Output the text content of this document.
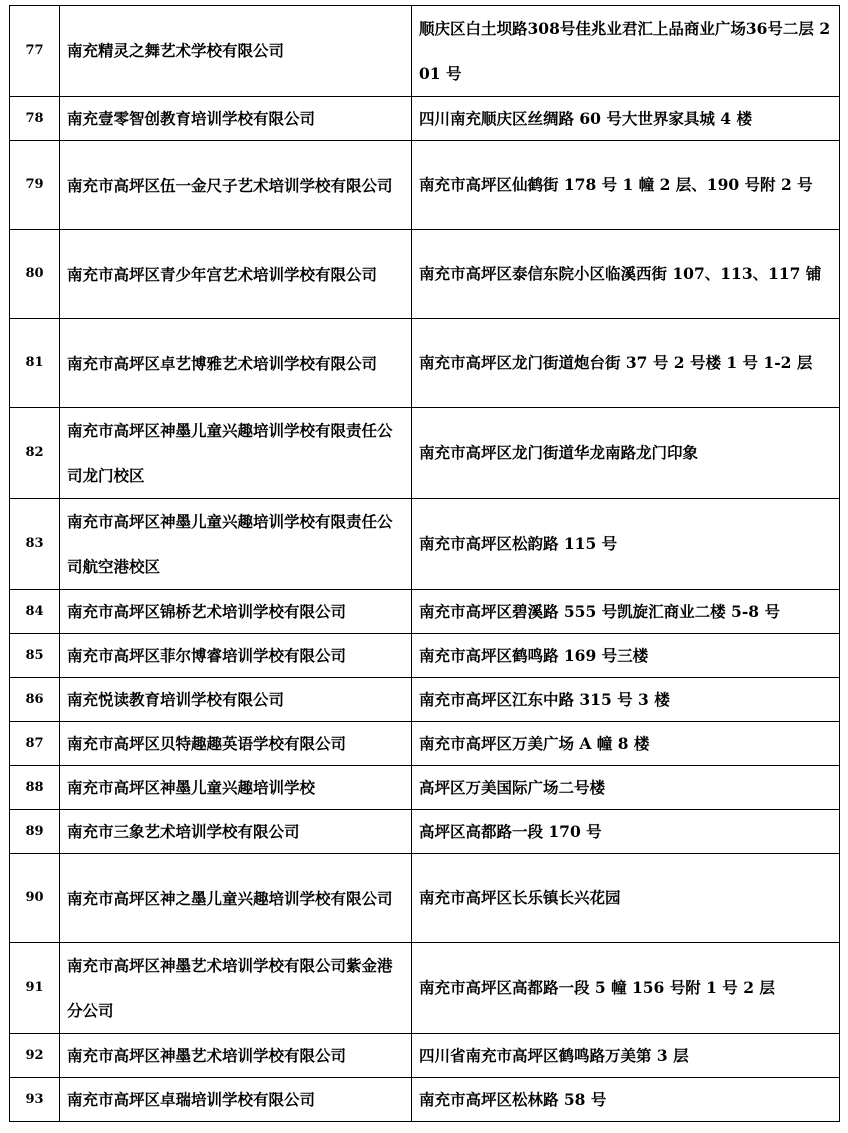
77	南充精灵之舞艺术学校有限公司	顺庆区白土坝路308号佳兆业君汇上品商业广场36号二层 201 号
78	南充壹零智创教育培训学校有限公司	四川南充顺庆区丝绸路 60 号大世界家具城 4 楼
79	南充市高坪区伍一金尺子艺术培训学校有限公司	南充市高坪区仙鹤街 178 号 1 幢 2 层、190 号附 2 号
80	南充市高坪区青少年宫艺术培训学校有限公司	南充市高坪区泰信东院小区临溪西街 107、113、117 铺
81	南充市高坪区卓艺博雅艺术培训学校有限公司	南充市高坪区龙门街道炮台街 37 号 2 号楼 1 号 1-2 层
82	南充市高坪区神墨儿童兴趣培训学校有限责任公司龙门校区	南充市高坪区龙门街道华龙南路龙门印象
83	南充市高坪区神墨儿童兴趣培训学校有限责任公司航空港校区	南充市高坪区松韵路 115 号
84	南充市高坪区锦桥艺术培训学校有限公司	南充市高坪区碧溪路 555 号凯旋汇商业二楼 5-8 号
85	南充市高坪区菲尔博睿培训学校有限公司	南充市高坪区鹤鸣路 169 号三楼
86	南充悦读教育培训学校有限公司	南充市高坪区江东中路 315 号 3 楼
87	南充市高坪区贝特趣趣英语学校有限公司	南充市高坪区万美广场 A 幢 8 楼
88	南充市高坪区神墨儿童兴趣培训学校	高坪区万美国际广场二号楼
89	南充市三象艺术培训学校有限公司	高坪区高都路一段 170 号
90	南充市高坪区神之墨儿童兴趣培训学校有限公司	南充市高坪区长乐镇长兴花园
91	南充市高坪区神墨艺术培训学校有限公司紫金港分公司	南充市高坪区高都路一段 5 幢 156 号附 1 号 2 层
92	南充市高坪区神墨艺术培训学校有限公司	四川省南充市高坪区鹤鸣路万美第 3 层
93	南充市高坪区卓瑞培训学校有限公司	南充市高坪区松林路 58 号
